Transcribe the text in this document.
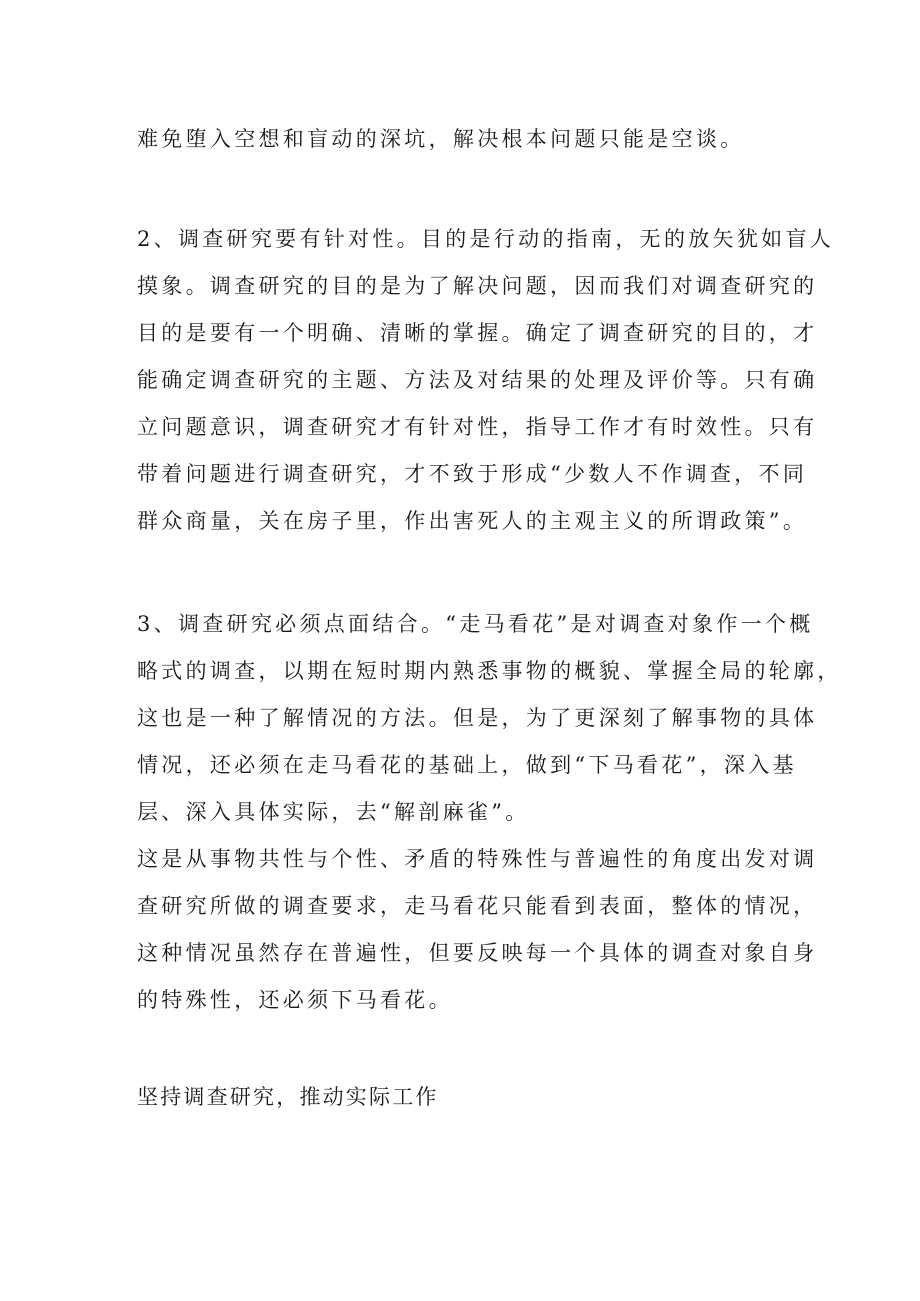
难免堕入空想和盲动的深坑，解决根本问题只能是空谈。

2、调查研究要有针对性。目的是行动的指南，无的放矢犹如盲人

摸象。调查研究的目的是为了解决问题，因而我们对调查研究的

目的是要有一个明确、清晰的掌握。确定了调查研究的目的，才

能确定调查研究的主题、方法及对结果的处理及评价等。只有确

立问题意识，调查研究才有针对性，指导工作才有时效性。只有

带着问题进行调查研究，才不致于形成“少数人不作调查，不同

群众商量，关在房子里，作出害死人的主观主义的所谓政策”。

3、调查研究必须点面结合。“走马看花”是对调查对象作一个概

略式的调查，以期在短时期内熟悉事物的概貌、掌握全局的轮廓，

这也是一种了解情况的方法。但是，为了更深刻了解事物的具体

情况，还必须在走马看花的基础上，做到“下马看花”，深入基

层、深入具体实际，去“解剖麻雀”。

这是从事物共性与个性、矛盾的特殊性与普遍性的角度出发对调

查研究所做的调查要求，走马看花只能看到表面，整体的情况，

这种情况虽然存在普遍性，但要反映每一个具体的调查对象自身

的特殊性，还必须下马看花。

坚持调查研究，推动实际工作
